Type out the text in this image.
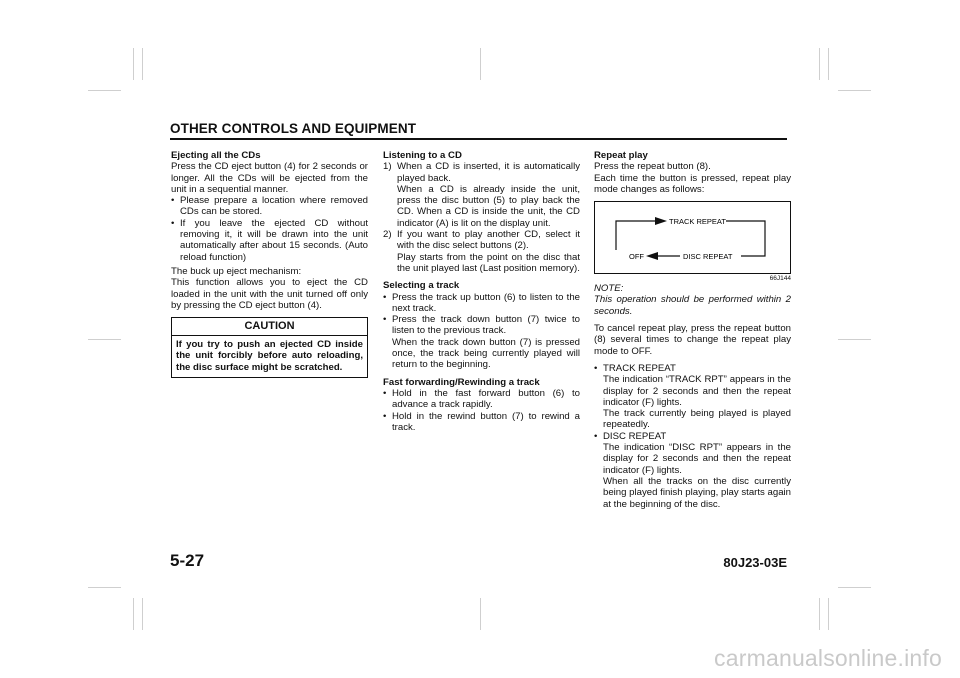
OTHER CONTROLS AND EQUIPMENT

Ejecting all the CDs

Press the CD eject button (4) for 2 seconds or longer. All the CDs will be ejected from the unit in a sequential manner.

• Please prepare a location where removed CDs can be stored.

• If you leave the ejected CD without removing it, it will be drawn into the unit automatically after about 15 seconds. (Auto reload function)

The buck up eject mechanism:

This function allows you to eject the CD loaded in the unit with the unit turned off only by pressing the CD eject button (4).

CAUTION
If you try to push an ejected CD inside the unit forcibly before auto reloading, the disc surface might be scratched.

Listening to a CD

1) When a CD is inserted, it is automatically played back.

When a CD is already inside the unit, press the disc button (5) to play back the CD. When a CD is inside the unit, the CD indicator (A) is lit on the display unit.

2) If you want to play another CD, select it with the disc select buttons (2).

Play starts from the point on the disc that the unit played last (Last position memory).

Selecting a track

• Press the track up button (6) to listen to the next track.

• Press the track down button (7) twice to listen to the previous track.

When the track down button (7) is pressed once, the track being currently played will return to the beginning.

Fast forwarding/Rewinding a track

• Hold in the fast forward button (6) to advance a track rapidly.

• Hold in the rewind button (7) to rewind a track.

Repeat play

Press the repeat button (8).

Each time the button is pressed, repeat play mode changes as follows:

TRACK REPEAT
OFF	DISC REPEAT

66J144

NOTE:

This operation should be performed within 2 seconds.

To cancel repeat play, press the repeat button (8) several times to change the repeat play mode to OFF.

• TRACK REPEAT

The indication “TRACK RPT” appears in the display for 2 seconds and then the repeat indicator (F) lights.

The track currently being played is played repeatedly.

• DISC REPEAT

The indication “DISC RPT” appears in the display for 2 seconds and then the repeat indicator (F) lights.

When all the tracks on the disc currently being played finish playing, play starts again at the beginning of the disc.

5-27	80J23-03E
carmanualsonline.info
